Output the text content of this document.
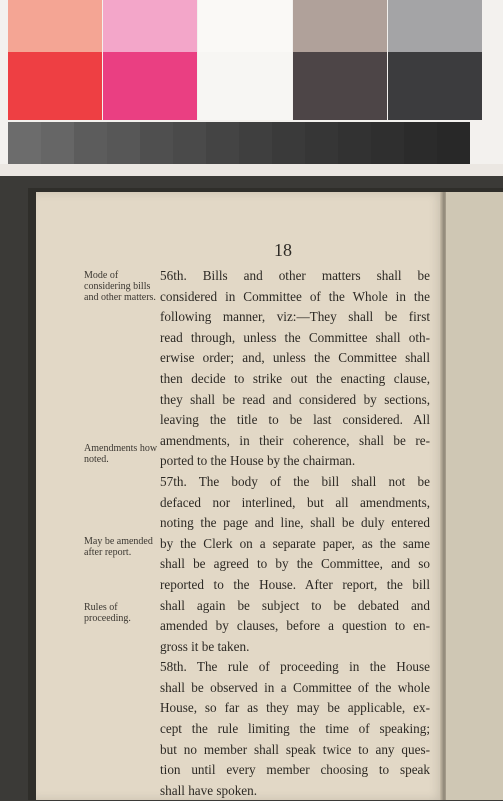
18
Mode of considering bills and other matters.
Amendments how noted.
May be amended after report.
Rules of proceeding.
56th. Bills and other matters shall be
considered in Committee of the Whole in the
following manner, viz:—They shall be first
read through, unless the Committee shall oth-
erwise order; and, unless the Committee shall
then decide to strike out the enacting clause,
they shall be read and considered by sections,
leaving the title to be last considered. All
amendments, in their coherence, shall be re-
ported to the House by the chairman.
57th. The body of the bill shall not be
defaced nor interlined, but all amendments,
noting the page and line, shall be duly entered
by the Clerk on a separate paper, as the same
shall be agreed to by the Committee, and so
reported to the House. After report, the bill
shall again be subject to be debated and
amended by clauses, before a question to en-
gross it be taken.
58th. The rule of proceeding in the House
shall be observed in a Committee of the whole
House, so far as they may be applicable, ex-
cept the rule limiting the time of speaking;
but no member shall speak twice to any ques-
tion until every member choosing to speak
shall have spoken.
